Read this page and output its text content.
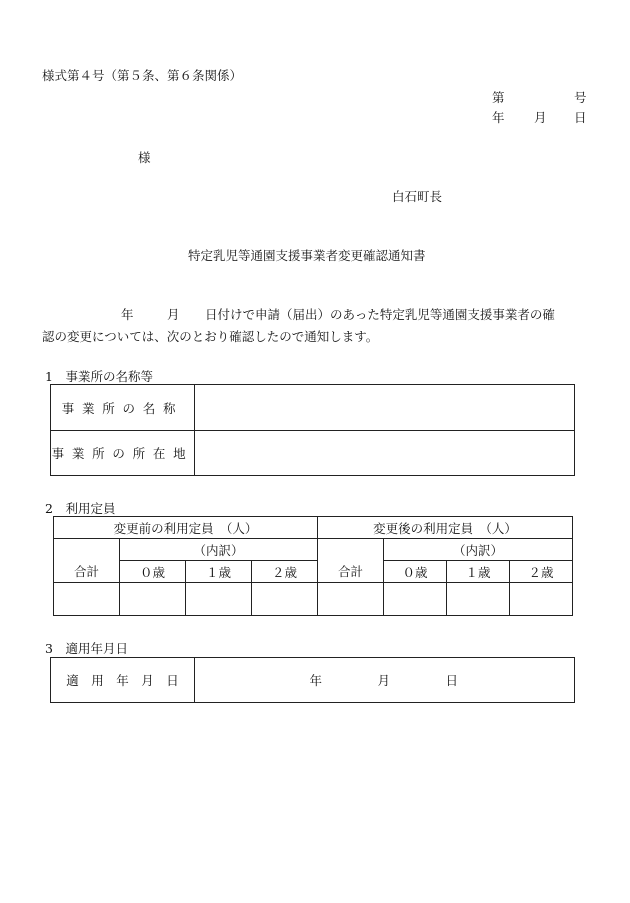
様式第４号（第５条、第６条関係）
第	号
年 月 日
様
白石町長
特定乳児等通園支援事業者変更確認通知書
年	月 日付けで申請（届出）のあった特定乳児等通園支援事業者の確
認の変更については、次のとおり確認したので通知します。
1　事業所の名称等
事業所の名称	
事業所の所在地	
2　利用定員
変更前の利用定員　（人）				変更後の利用定員　（人）			
	（内訳）				（内訳）		
合計	０歳	１歳	２歳	合計	０歳	１歳	２歳

3　適用年月日
適　用　年　月　日	年	月	日
